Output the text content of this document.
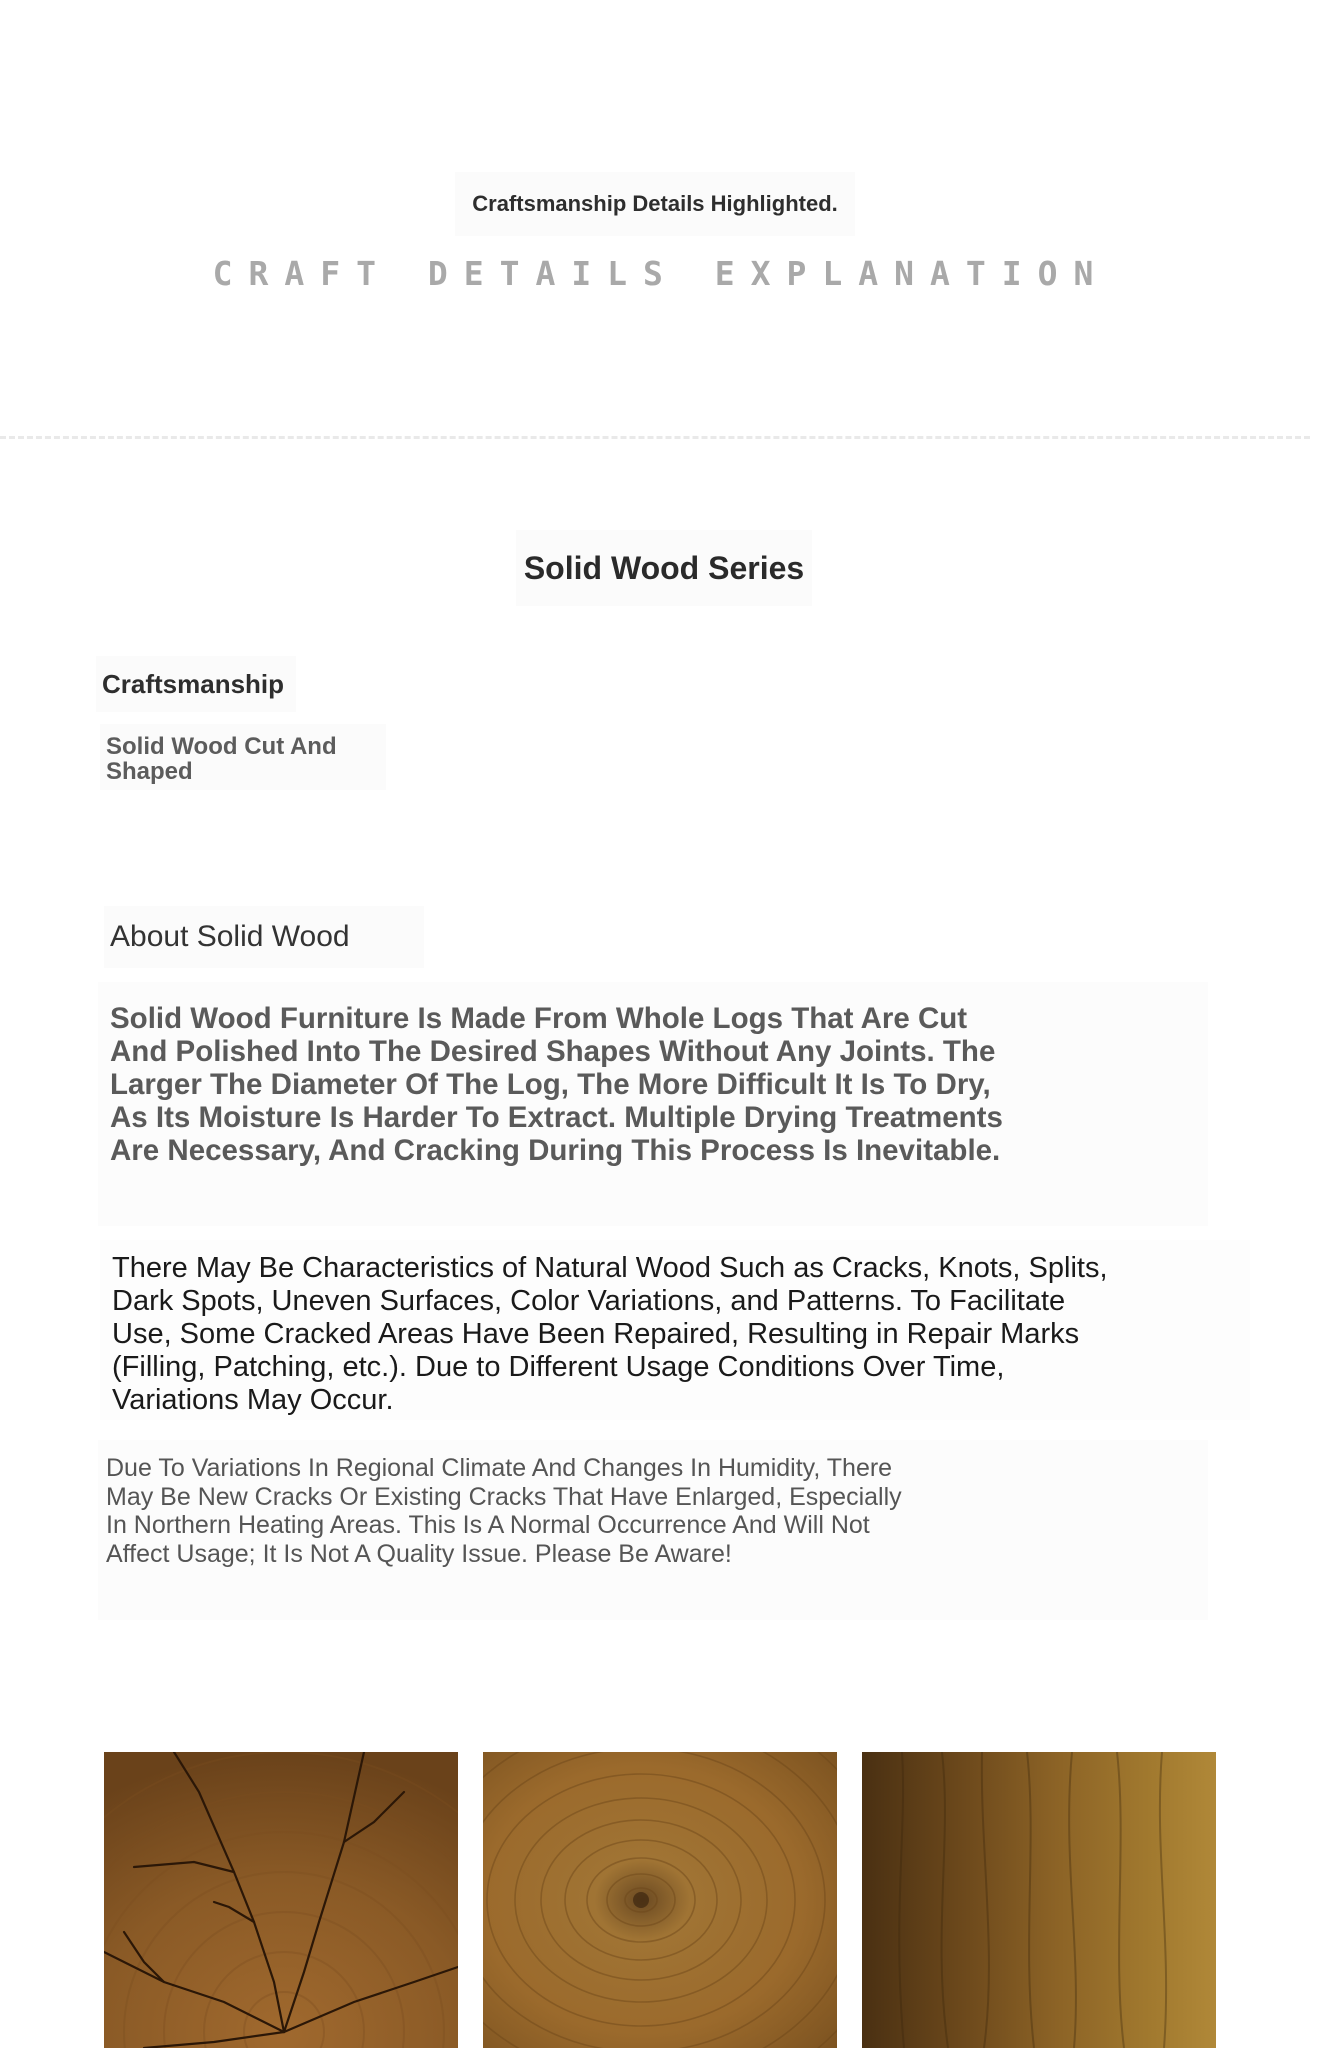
Craftsmanship Details Highlighted.
CRAFT DETAILS EXPLANATION
Solid Wood Series
Craftsmanship
Solid Wood Cut And Shaped
About Solid Wood

Solid Wood Furniture Is Made From Whole Logs That Are Cut And Polished Into The Desired Shapes Without Any Joints. The Larger The Diameter Of The Log, The More Difficult It Is To Dry, As Its Moisture Is Harder To Extract. Multiple Drying Treatments Are Necessary, And Cracking During This Process Is Inevitable.

There May Be Characteristics of Natural Wood Such as Cracks, Knots, Splits, Dark Spots, Uneven Surfaces, Color Variations, and Patterns. To Facilitate Use, Some Cracked Areas Have Been Repaired, Resulting in Repair Marks (Filling, Patching, etc.). Due to Different Usage Conditions Over Time, Variations May Occur.

Due To Variations In Regional Climate And Changes In Humidity, There May Be New Cracks Or Existing Cracks That Have Enlarged, Especially In Northern Heating Areas. This Is A Normal Occurrence And Will Not Affect Usage; It Is Not A Quality Issue. Please Be Aware!
